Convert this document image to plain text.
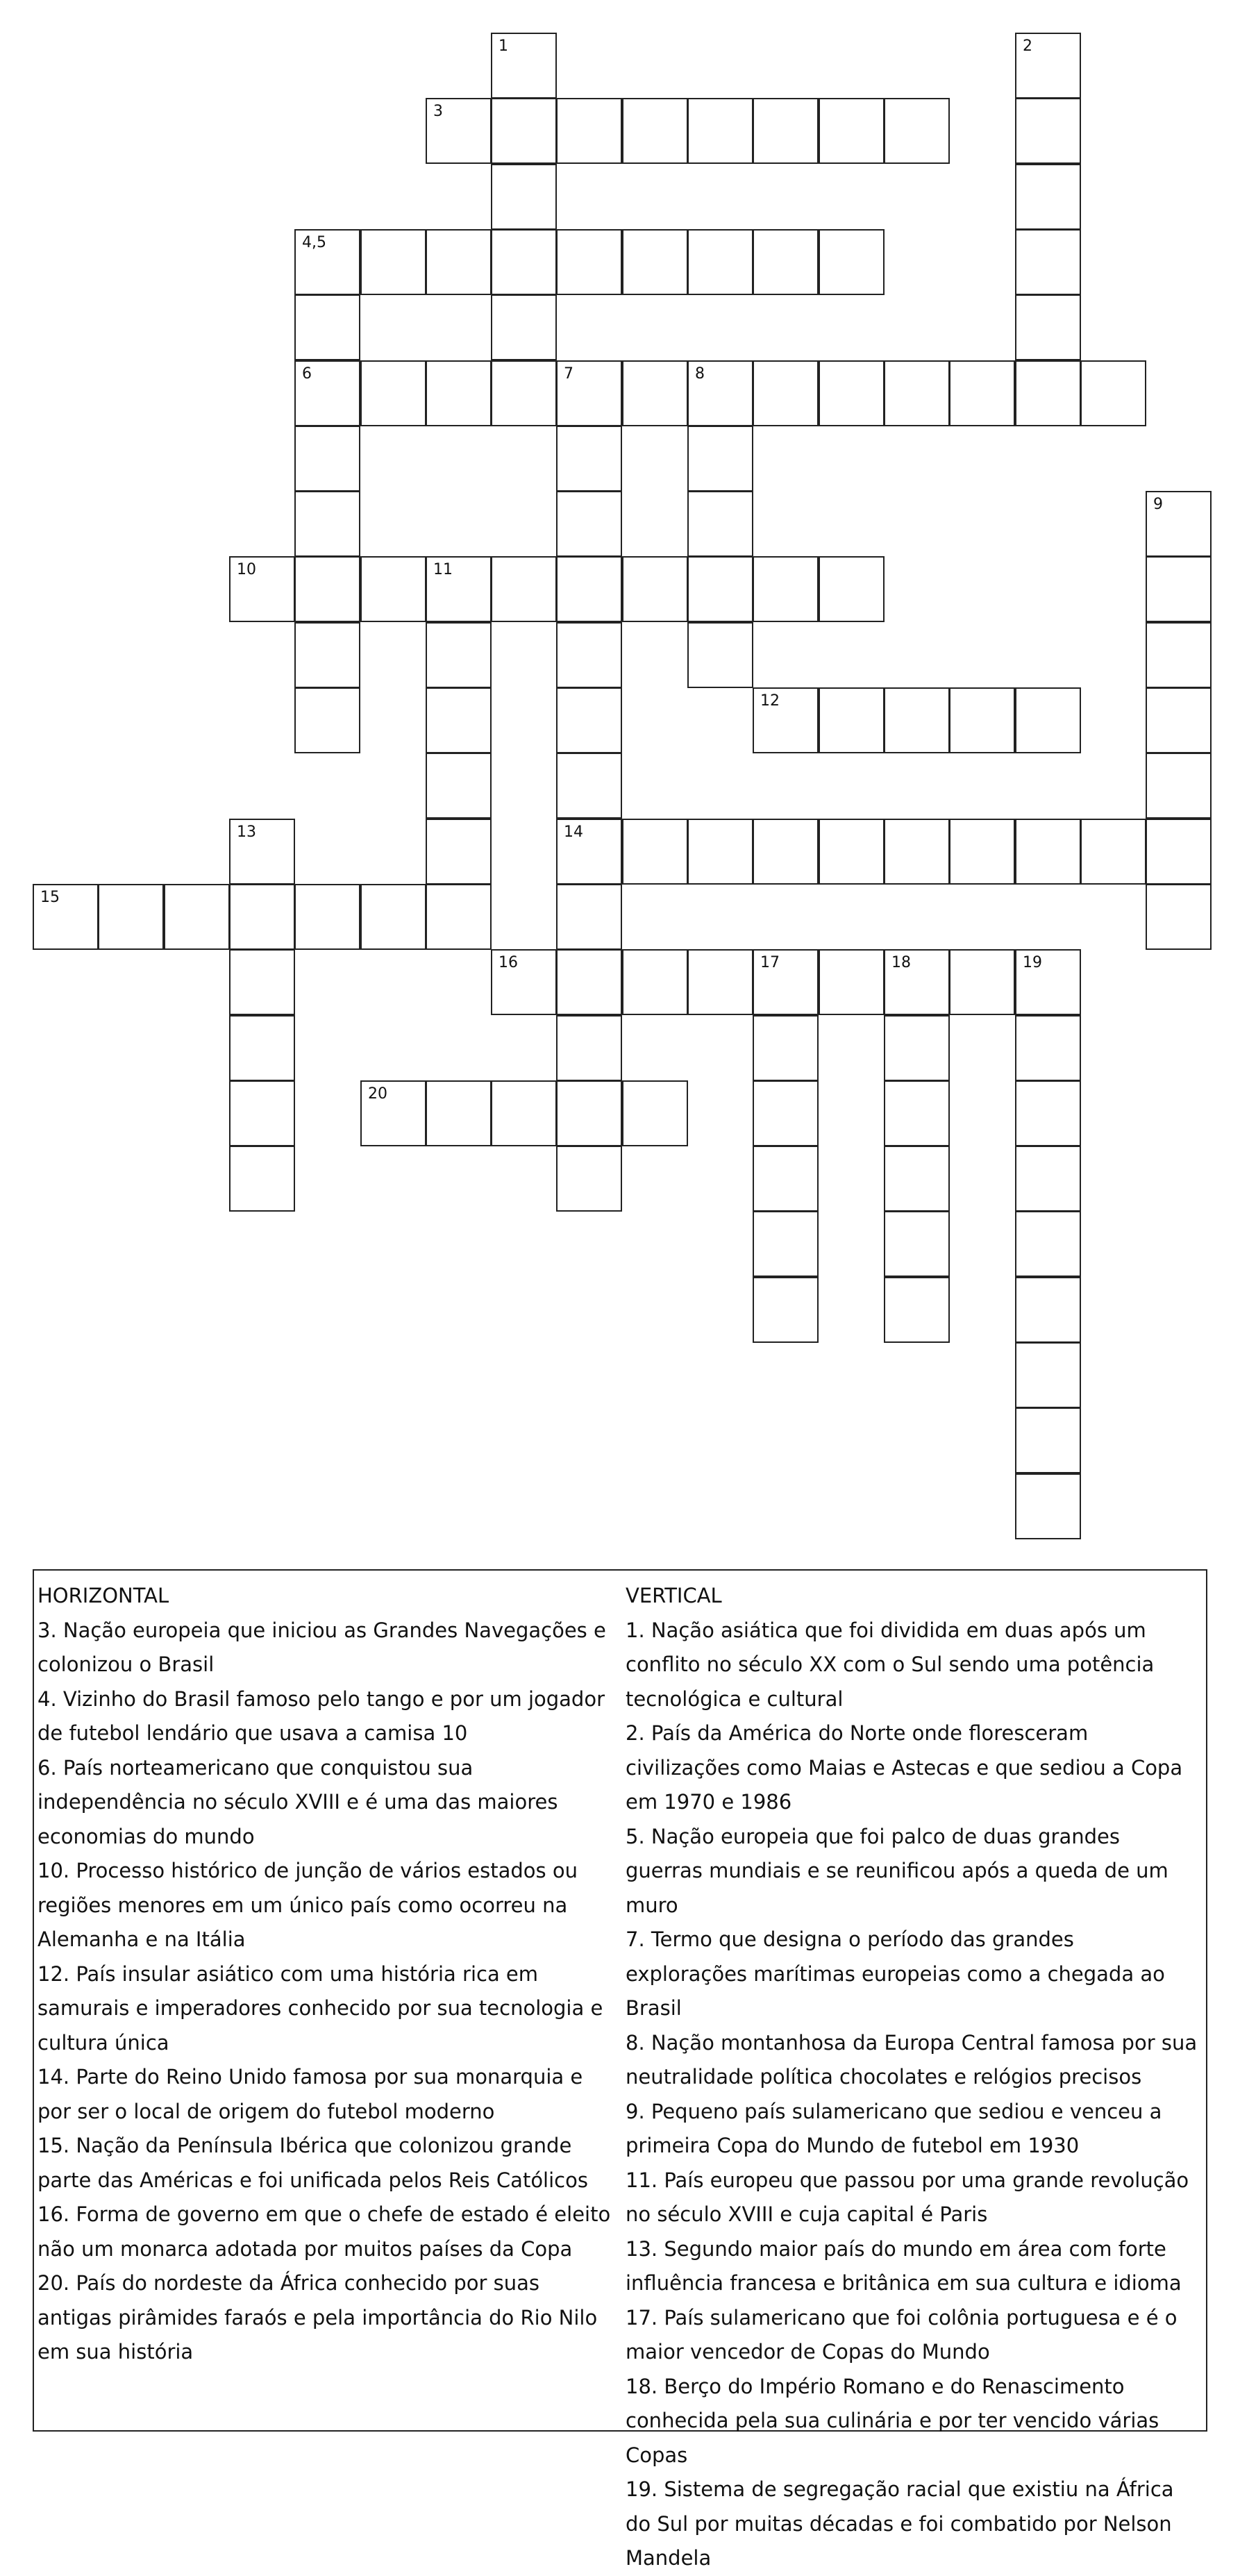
1	2
3
4,5
6	7	8
9
10	11
12
13	14
15
16	17	18	19
20
HORIZONTAL
3. Nação europeia que iniciou as Grandes Navegações e colonizou o Brasil
4. Vizinho do Brasil famoso pelo tango e por um jogador de futebol lendário que usava a camisa 10
6. País norteamericano que conquistou sua independência no século XVIII e é uma das maiores economias do mundo
10. Processo histórico de junção de vários estados ou regiões menores em um único país como ocorreu na Alemanha e na Itália
12. País insular asiático com uma história rica em samurais e imperadores conhecido por sua tecnologia e cultura única
14. Parte do Reino Unido famosa por sua monarquia e por ser o local de origem do futebol moderno
15. Nação da Península Ibérica que colonizou grande parte das Américas e foi unificada pelos Reis Católicos
16. Forma de governo em que o chefe de estado é eleito não um monarca adotada por muitos países da Copa
20. País do nordeste da África conhecido por suas antigas pirâmides faraós e pela importância do Rio Nilo em sua história
VERTICAL
1. Nação asiática que foi dividida em duas após um conflito no século XX com o Sul sendo uma potência tecnológica e cultural
2. País da América do Norte onde floresceram civilizações como Maias e Astecas e que sediou a Copa em 1970 e 1986
5. Nação europeia que foi palco de duas grandes guerras mundiais e se reunificou após a queda de um muro
7. Termo que designa o período das grandes explorações marítimas europeias como a chegada ao Brasil
8. Nação montanhosa da Europa Central famosa por sua neutralidade política chocolates e relógios precisos
9. Pequeno país sulamericano que sediou e venceu a primeira Copa do Mundo de futebol em 1930
11. País europeu que passou por uma grande revolução no século XVIII e cuja capital é Paris
13. Segundo maior país do mundo em área com forte influência francesa e britânica em sua cultura e idioma
17. País sulamericano que foi colônia portuguesa e é o maior vencedor de Copas do Mundo
18. Berço do Império Romano e do Renascimento conhecida pela sua culinária e por ter vencido várias Copas
19. Sistema de segregação racial que existiu na África do Sul por muitas décadas e foi combatido por Nelson Mandela
